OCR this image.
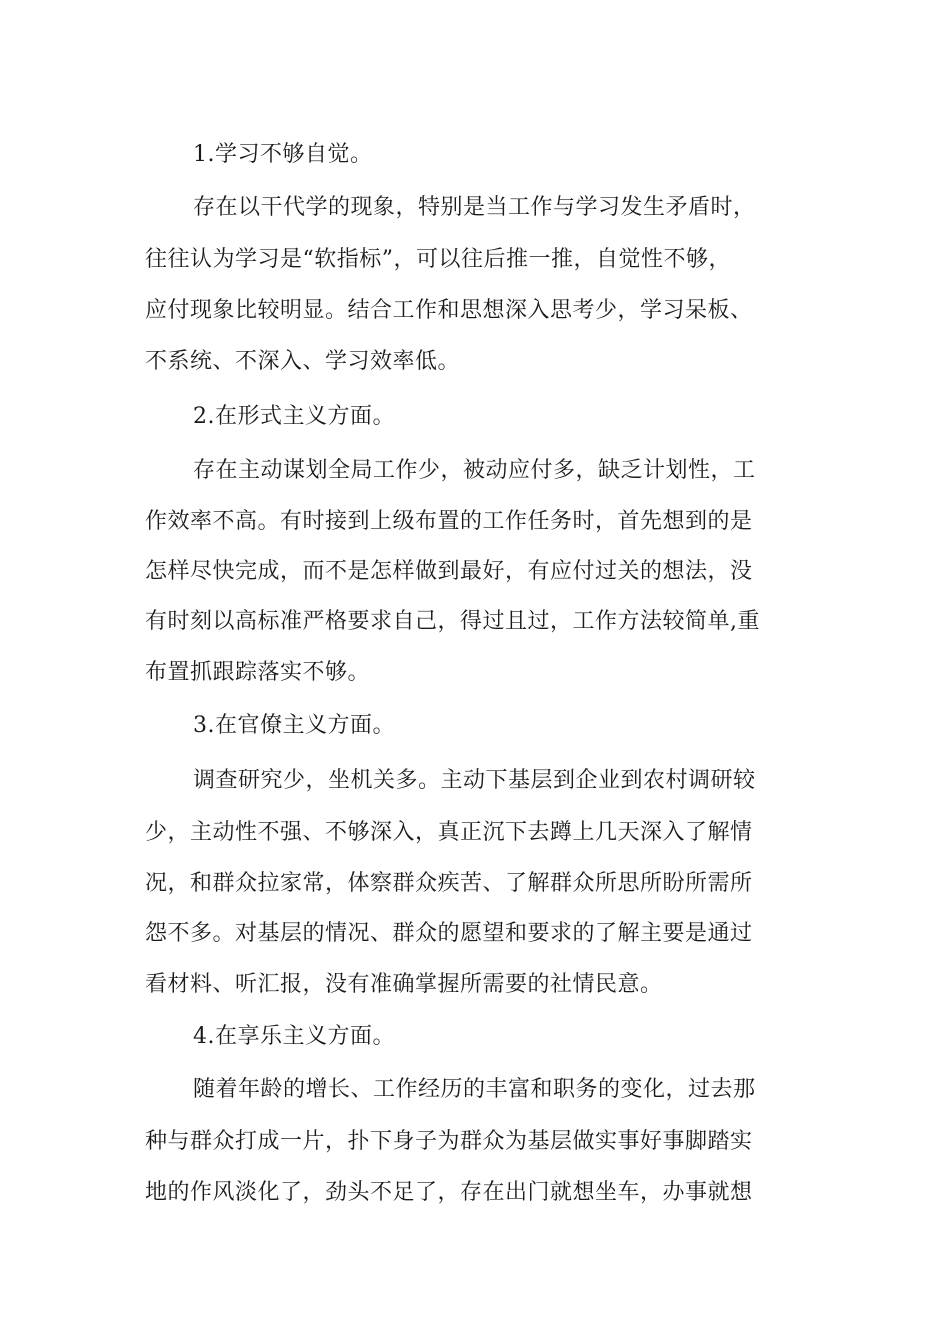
1.学习不够自觉。
存在以干代学的现象，特别是当工作与学习发生矛盾时，
往往认为学习是“软指标”，可以往后推一推，自觉性不够，
应付现象比较明显。结合工作和思想深入思考少，学习呆板、
不系统、不深入、学习效率低。
2.在形式主义方面。
存在主动谋划全局工作少，被动应付多，缺乏计划性，工
作效率不高。有时接到上级布置的工作任务时，首先想到的是
怎样尽快完成，而不是怎样做到最好，有应付过关的想法，没
有时刻以高标准严格要求自己，得过且过，工作方法较简单,重
布置抓跟踪落实不够。
3.在官僚主义方面。
调查研究少，坐机关多。主动下基层到企业到农村调研较
少，主动性不强、不够深入，真正沉下去蹲上几天深入了解情
况，和群众拉家常，体察群众疾苦、了解群众所思所盼所需所
怨不多。对基层的情况、群众的愿望和要求的了解主要是通过
看材料、听汇报，没有准确掌握所需要的社情民意。
4.在享乐主义方面。
随着年龄的增长、工作经历的丰富和职务的变化，过去那
种与群众打成一片，扑下身子为群众为基层做实事好事脚踏实
地的作风淡化了，劲头不足了，存在出门就想坐车，办事就想
